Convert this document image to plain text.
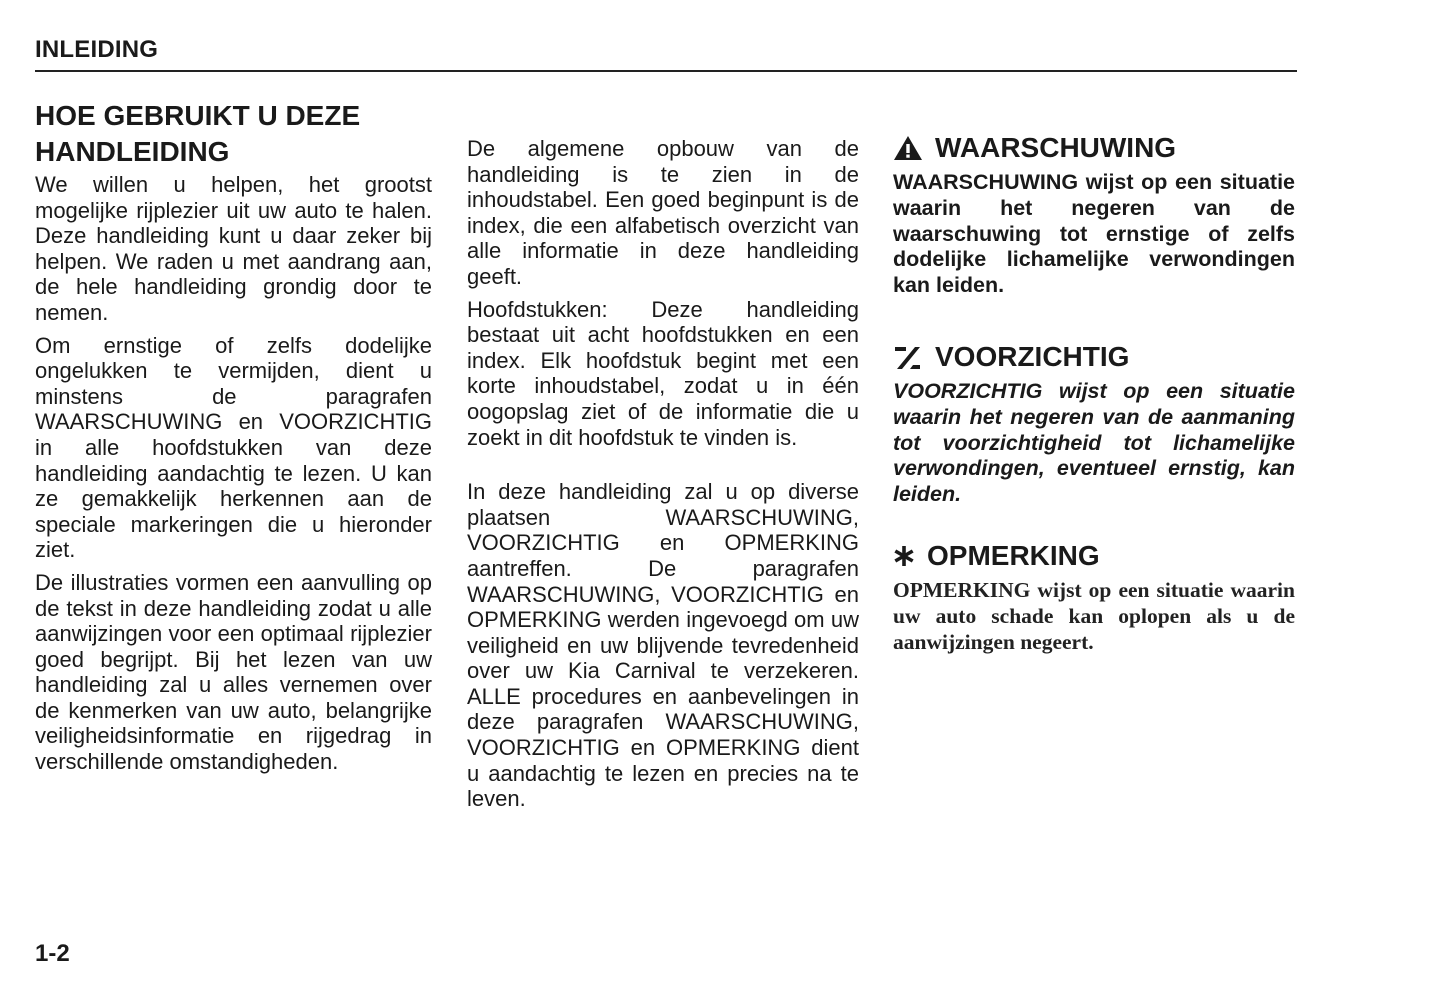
INLEIDING
HOE GEBRUIKT U DEZE HANDLEIDING

We willen u helpen, het grootst mogelijke rijplezier uit uw auto te halen. Deze handleiding kunt u daar zeker bij helpen. We raden u met aandrang aan, de hele handleiding grondig door te nemen.

Om ernstige of zelfs dodelijke ongelukken te vermijden, dient u minstens de paragrafen WAARSCHUWING en VOORZICHTIG in alle hoofdstukken van deze handleiding aandachtig te lezen. U kan ze gemakkelijk herkennen aan de speciale markeringen die u hieronder ziet.

De illustraties vormen een aanvulling op de tekst in deze handleiding zodat u alle aanwijzingen voor een optimaal rijplezier goed begrijpt. Bij het lezen van uw handleiding zal u alles vernemen over de kenmerken van uw auto, belangrijke veiligheidsinformatie en rijgedrag in verschillende omstandigheden.

De algemene opbouw van de handleiding is te zien in de inhoudstabel. Een goed beginpunt is de index, die een alfabetisch overzicht van alle informatie in deze handleiding geeft.

Hoofdstukken: Deze handleiding bestaat uit acht hoofdstukken en een index. Elk hoofdstuk begint met een korte inhoudstabel, zodat u in één oogopslag ziet of de informatie die u zoekt in dit hoofdstuk te vinden is.

In deze handleiding zal u op diverse plaatsen WAARSCHUWING, VOORZICHTIG en OPMERKING aantreffen. De paragrafen WAARSCHUWING, VOORZICHTIG en OPMERKING werden ingevoegd om uw veiligheid en uw blijvende tevredenheid over uw Kia Carnival te verzekeren. ALLE procedures en aanbevelingen in deze paragrafen WAARSCHUWING, VOORZICHTIG en OPMERKING dient u aandachtig te lezen en precies na te leven.

WAARSCHUWING
WAARSCHUWING wijst op een situatie waarin het negeren van de waarschuwing tot ernstige of zelfs dodelijke lichamelijke verwondingen kan leiden.
VOORZICHTIG
VOORZICHTIG wijst op een situatie waarin het negeren van de aanmaning tot voorzichtigheid tot lichamelijke verwondingen, eventueel ernstig, kan leiden.
OPMERKING
OPMERKING wijst op een situatie waarin uw auto schade kan oplopen als u de aanwijzingen negeert.
1-2
